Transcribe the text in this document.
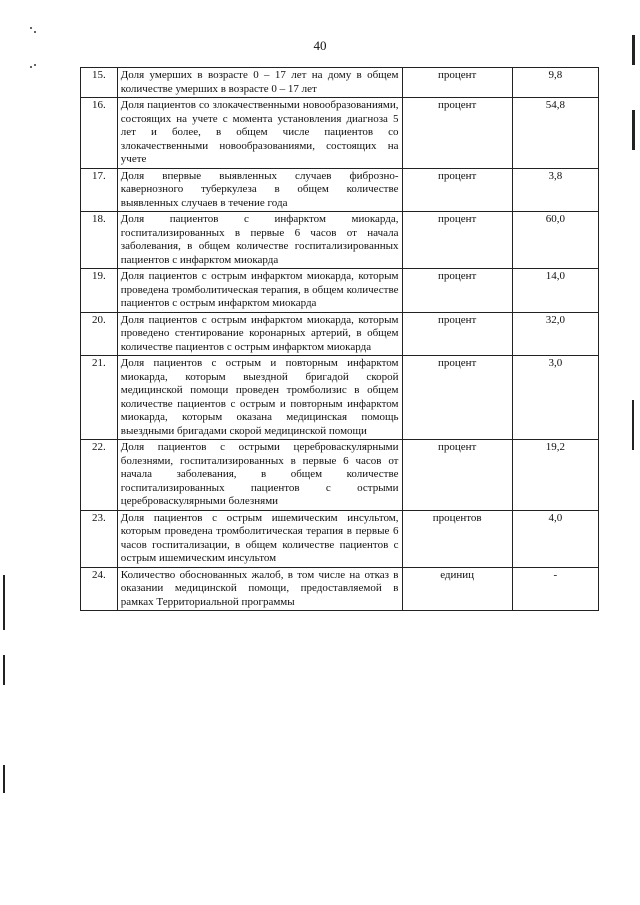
40
15.	Доля умерших в возрасте 0 – 17 лет на дому в общем количестве умерших в возрасте 0 – 17 лет	процент	9,8
16.	Доля пациентов со злокачественными новообразованиями, состоящих на учете с момента установления диагноза 5 лет и более, в общем числе пациентов со злокачественными новообразованиями, состоящих на учете	процент	54,8
17.	Доля впервые выявленных случаев фиброзно-кавернозного туберкулеза в общем количестве выявленных случаев в течение года	процент	3,8
18.	Доля пациентов с инфарктом миокарда, госпитализированных в первые 6 часов от начала заболевания, в общем количестве госпитализированных пациентов с инфарктом миокарда	процент	60,0
19.	Доля пациентов с острым инфарктом миокарда, которым проведена тромболитическая терапия, в общем количестве пациентов с острым инфарктом миокарда	процент	14,0
20.	Доля пациентов с острым инфарктом миокарда, которым проведено стентирование коронарных артерий, в общем количестве пациентов с острым инфарктом миокарда	процент	32,0
21.	Доля пациентов с острым и повторным инфарктом миокарда, которым выездной бригадой скорой медицинской помощи проведен тромболизис в общем количестве пациентов с острым и повторным инфарктом миокарда, которым оказана медицинская помощь выездными бригадами скорой медицинской помощи	процент	3,0
22.	Доля пациентов с острыми цереброваскулярными болезнями, госпитализированных в первые 6 часов от начала заболевания, в общем количестве госпитализированных пациентов с острыми цереброваскулярными болезнями	процент	19,2
23.	Доля пациентов с острым ишемическим инсультом, которым проведена тромболитическая терапия в первые 6 часов госпитализации, в общем количестве пациентов с острым ишемическим инсультом	процентов	4,0
24.	Количество обоснованных жалоб, в том числе на отказ в оказании медицинской помощи, предоставляемой в рамках Территориальной программы	единиц	-
